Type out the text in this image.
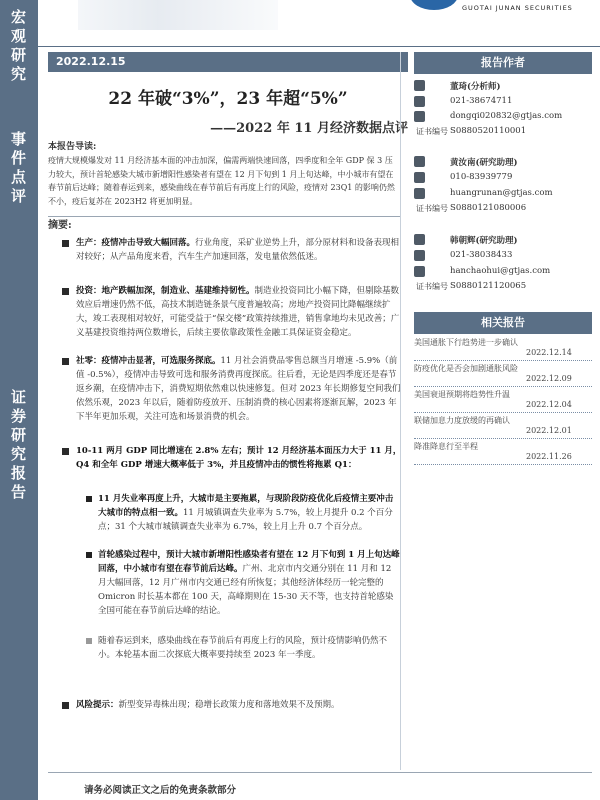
宏观研究
事件点评
证券研究报告
GUOTAI JUNAN SECURITIES
2022.12.15
22 年破“3%”，23 年超“5%”
——2022 年 11 月经济数据点评
本报告导读:
疫情大规模爆发对 11 月经济基本面的冲击加深，偏需两端快速回落，四季度和全年 GDP 保 3 压力较大，预计首轮感染大城市新增阳性感染者有望在 12 月下旬到 1 月上旬达峰，中小城市有望在春节前后达峰；随着春运到来，感染曲线在春节前后有再度上行的风险，疫情对 23Q1 的影响仍然不小，疫后复苏在 2023H2 将更加明显。
摘要:
生产：疫情冲击导致大幅回落。行业角度，采矿业逆势上升，部分原材料和设备表现相对较好；从产品角度来看，汽车生产加速回落，发电量依然低迷。
投资：地产跌幅加深，制造业、基建维持韧性。制造业投资同比小幅下降，但剔除基数效应后增速仍然不低，高技术制造链条景气度普遍较高；房地产投资同比降幅继续扩大，竣工表现相对较好，可能受益于“保交楼”政策持续推进，销售拿地均未见改善；广义基建投资维持两位数增长，后续主要依靠政策性金融工具保证资金稳定。
社零：疫情冲击显著，可选服务探底。11 月社会消费品零售总额当月增速 -5.9%（前值 -0.5%），疫情冲击导致可选和服务消费再度探底。往后看，无论是四季度还是春节返乡潮，在疫情冲击下，消费短期依然难以快速修复。但对 2023 年长期修复空间我们依然乐观，2023 年以后，随着防疫放开、压制消费的核心因素将逐渐瓦解，2023 年下半年更加乐观，关注可选和场景消费的机会。
10-11 两月 GDP 同比增速在 2.8% 左右；预计 12 月经济基本面压力大于 11 月，Q4 和全年 GDP 增速大概率低于 3%，并且疫情冲击的惯性将拖累 Q1：
11 月失业率再度上升，大城市是主要拖累，与现阶段防疫优化后疫情主要冲击大城市的特点相一致。11 月城镇调查失业率为 5.7%，较上月提升 0.2 个百分点；31 个大城市城镇调查失业率为 6.7%，较上月上升 0.7 个百分点。
首轮感染过程中，预计大城市新增阳性感染者有望在 12 月下旬到 1 月上旬达峰回落，中小城市有望在春节前后达峰。广州、北京市内交通分别在 11 月和 12 月大幅回落，12 月广州市内交通已经有所恢复；其他经济体经历一轮完整的 Omicron 时长基本都在 100 天，高峰期则在 15-30 天不等，也支持首轮感染全国可能在春节前后达峰的结论。
随着春运到来，感染曲线在春节前后有再度上行的风险，预计疫情影响仍然不小。本轮基本面二次探底大概率要持续至 2023 年一季度。
风险提示：新型变异毒株出现；稳增长政策力度和落地效果不及预期。
报告作者
董琦(分析师)
021-38674711
dongqi020832@gtjas.com
证书编号 S0880520110001
黄汝南(研究助理)
010-83939779
huangrunan@gtjas.com
证书编号 S0880121080006
韩朝辉(研究助理)
021-38038433
hanchaohui@gtjas.com
证书编号 S0880121120065
相关报告
美国通胀下行趋势进一步确认
2022.12.14
防疫优化是否会加剧通胀风险
2022.12.09
美国衰退预期将趋势性升温
2022.12.04
联储加息力度放缓的再确认
2022.12.01
降准降息行至半程
2022.11.26
请务必阅读正文之后的免责条款部分
